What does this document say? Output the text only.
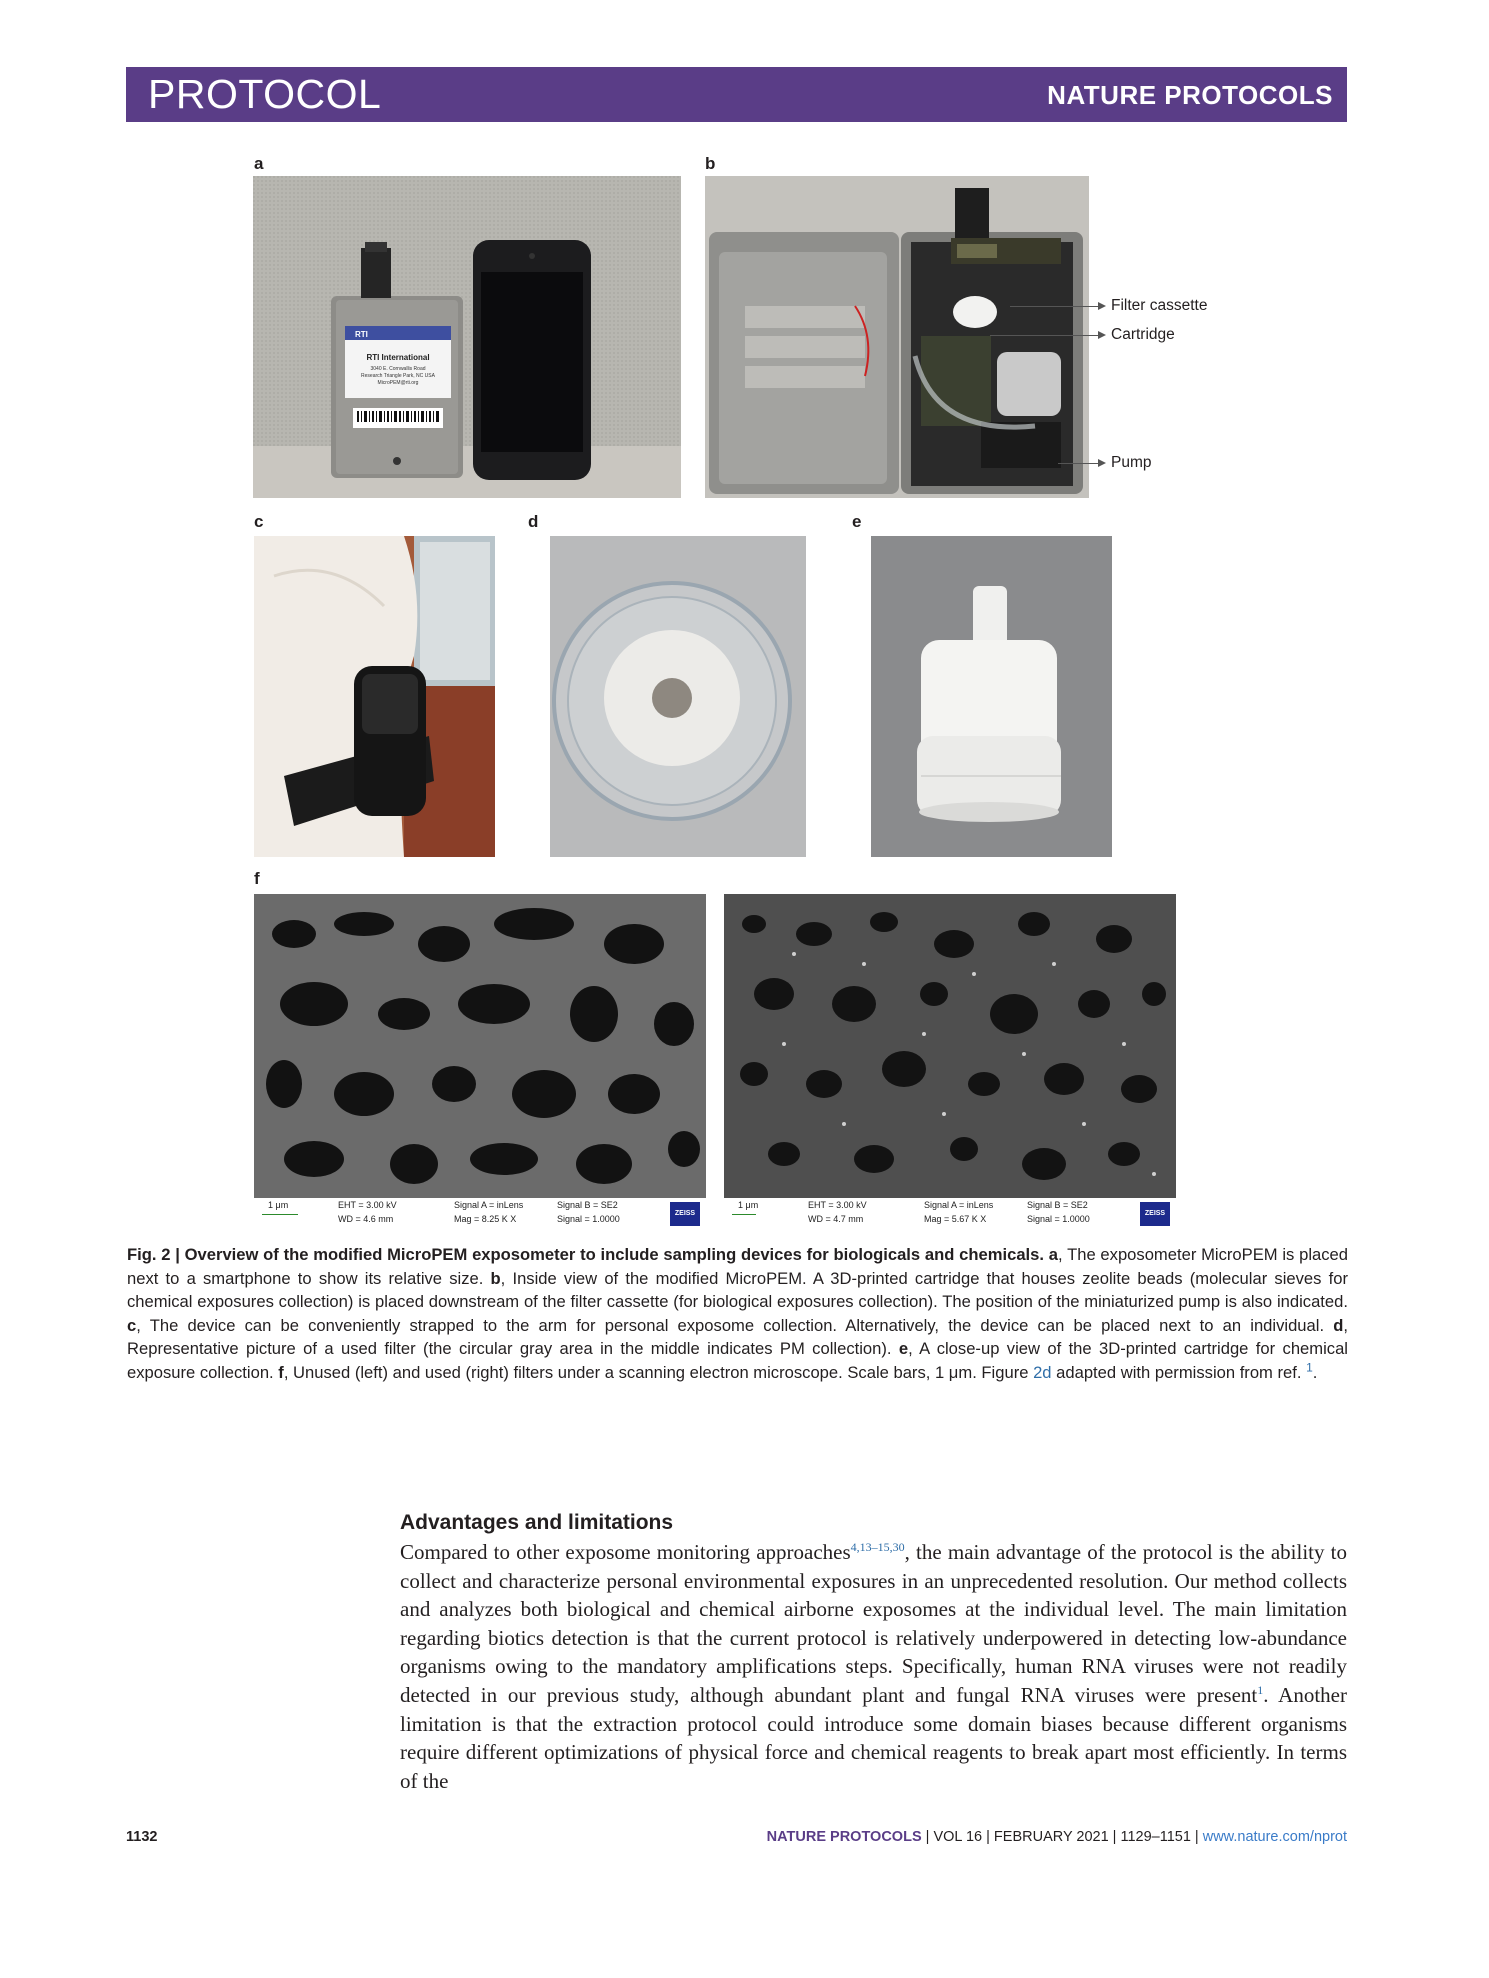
PROTOCOL	NATURE PROTOCOLS
a	b
c	d	e
f
RTI
RTI International
3040 E. Cornwallis Road
Research Triangle Park, NC USA
MicroPEM@rti.org
Filter cassette
Cartridge
Pump
1 μm	EHT = 3.00 kV
WD = 4.6 mm
Signal A = inLens
Mag = 8.25 K X
Signal B = SE2
Signal = 1.0000
ZEISS
1 μm	EHT = 3.00 kV
WD = 4.7 mm
Signal A = inLens
Mag = 5.67 K X
Signal B = SE2
Signal = 1.0000
ZEISS
Fig. 2 | Overview of the modified MicroPEM exposometer to include sampling devices for biologicals and chemicals. a, The exposometer MicroPEM is placed next to a smartphone to show its relative size. b, Inside view of the modified MicroPEM. A 3D-printed cartridge that houses zeolite beads (molecular sieves for chemical exposures collection) is placed downstream of the filter cassette (for biological exposures collection). The position of the miniaturized pump is also indicated. c, The device can be conveniently strapped to the arm for personal exposome collection. Alternatively, the device can be placed next to an individual. d, Representative picture of a used filter (the circular gray area in the middle indicates PM collection). e, A close-up view of the 3D-printed cartridge for chemical exposure collection. f, Unused (left) and used (right) filters under a scanning electron microscope. Scale bars, 1 μm. Figure 2d adapted with permission from ref. $^1$.
Advantages and limitations
Compared to other exposome monitoring approaches$^{4,13-15,30}$, the main advantage of the protocol is the ability to collect and characterize personal environmental exposures in an unprecedented resolution. Our method collects and analyzes both biological and chemical airborne exposomes at the individual level. The main limitation regarding biotics detection is that the current protocol is relatively underpowered in detecting low-abundance organisms owing to the mandatory amplifications steps. Specifically, human RNA viruses were not readily detected in our previous study, although abundant plant and fungal RNA viruses were present$^1$. Another limitation is that the extraction protocol could introduce some domain biases because different organisms require different optimizations of physical force and chemical reagents to break apart most efficiently. In terms of the
1132	NATURE PROTOCOLS | VOL 16 | FEBRUARY 2021 | 1129–1151 | www.nature.com/nprot
